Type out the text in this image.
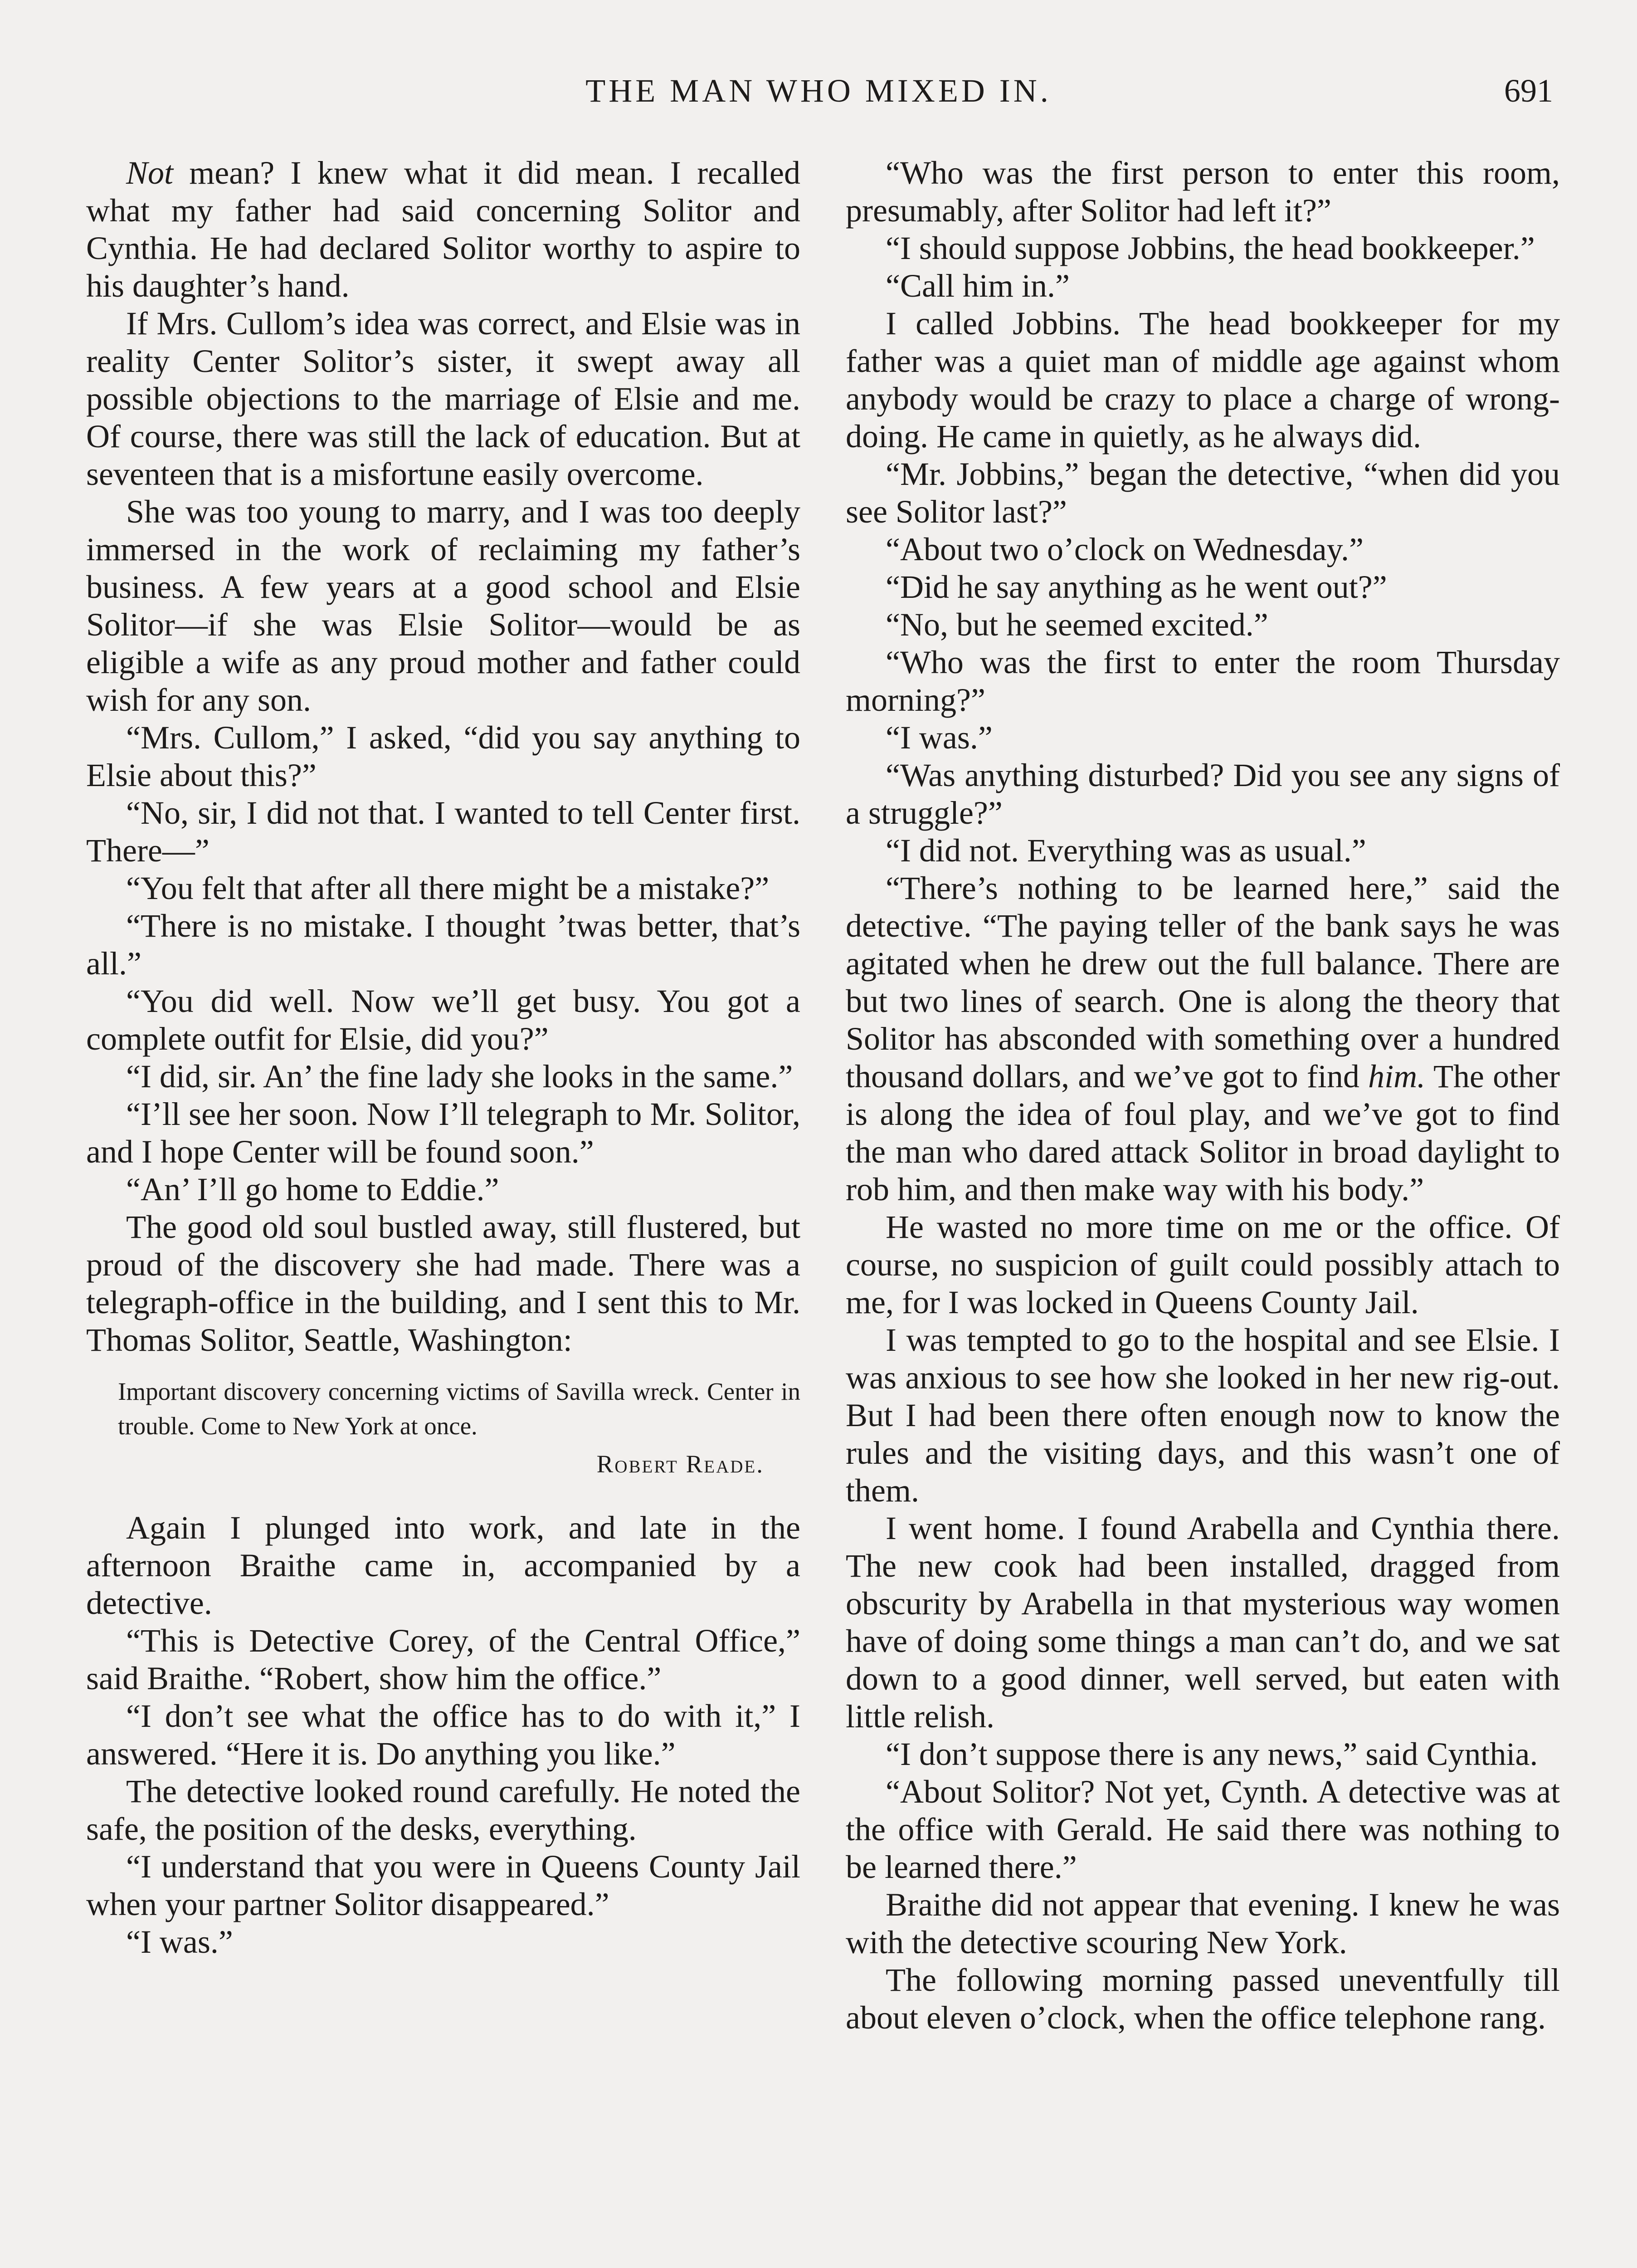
THE MAN WHO MIXED IN.	691

Not mean? I knew what it did mean. I recalled what my father had said concerning Solitor and Cynthia. He had declared Solitor worthy to aspire to his daughter’s hand.

If Mrs. Cullom’s idea was correct, and Elsie was in reality Center Solitor’s sister, it swept away all possible objections to the marriage of Elsie and me. Of course, there was still the lack of education. But at seventeen that is a misfortune easily overcome.

She was too young to marry, and I was too deeply immersed in the work of reclaiming my father’s business. A few years at a good school and Elsie Solitor—if she was Elsie Solitor—would be as eligible a wife as any proud mother and father could wish for any son.

“Mrs. Cullom,” I asked, “did you say anything to Elsie about this?”

“No, sir, I did not that. I wanted to tell Center first. There—”

“You felt that after all there might be a mistake?”

“There is no mistake. I thought ’twas better, that’s all.”

“You did well. Now we’ll get busy. You got a complete outfit for Elsie, did you?”

“I did, sir. An’ the fine lady she looks in the same.”

“I’ll see her soon. Now I’ll telegraph to Mr. Solitor, and I hope Center will be found soon.”

“An’ I’ll go home to Eddie.”

The good old soul bustled away, still flustered, but proud of the discovery she had made. There was a telegraph-office in the building, and I sent this to Mr. Thomas Solitor, Seattle, Washington:

Important discovery concerning victims of Savilla wreck. Center in trouble. Come to New York at once.

Robert Reade.

Again I plunged into work, and late in the afternoon Braithe came in, accompanied by a detective.

“This is Detective Corey, of the Central Office,” said Braithe. “Robert, show him the office.”

“I don’t see what the office has to do with it,” I answered. “Here it is. Do anything you like.”

The detective looked round carefully. He noted the safe, the position of the desks, everything.

“I understand that you were in Queens County Jail when your partner Solitor disappeared.”

“I was.”

“Who was the first person to enter this room, presumably, after Solitor had left it?”

“I should suppose Jobbins, the head bookkeeper.”

“Call him in.”

I called Jobbins. The head bookkeeper for my father was a quiet man of middle age against whom anybody would be crazy to place a charge of wrong-doing. He came in quietly, as he always did.

“Mr. Jobbins,” began the detective, “when did you see Solitor last?”

“About two o’clock on Wednesday.”

“Did he say anything as he went out?”

“No, but he seemed excited.”

“Who was the first to enter the room Thursday morning?”

“I was.”

“Was anything disturbed? Did you see any signs of a struggle?”

“I did not. Everything was as usual.”

“There’s nothing to be learned here,” said the detective. “The paying teller of the bank says he was agitated when he drew out the full balance. There are but two lines of search. One is along the theory that Solitor has absconded with something over a hundred thousand dollars, and we’ve got to find him. The other is along the idea of foul play, and we’ve got to find the man who dared attack Solitor in broad daylight to rob him, and then make way with his body.”

He wasted no more time on me or the office. Of course, no suspicion of guilt could possibly attach to me, for I was locked in Queens County Jail.

I was tempted to go to the hospital and see Elsie. I was anxious to see how she looked in her new rig-out. But I had been there often enough now to know the rules and the visiting days, and this wasn’t one of them.

I went home. I found Arabella and Cynthia there. The new cook had been installed, dragged from obscurity by Arabella in that mysterious way women have of doing some things a man can’t do, and we sat down to a good dinner, well served, but eaten with little relish.

“I don’t suppose there is any news,” said Cynthia.

“About Solitor? Not yet, Cynth. A detective was at the office with Gerald. He said there was nothing to be learned there.”

Braithe did not appear that evening. I knew he was with the detective scouring New York.

The following morning passed uneventfully till about eleven o’clock, when the office telephone rang.
